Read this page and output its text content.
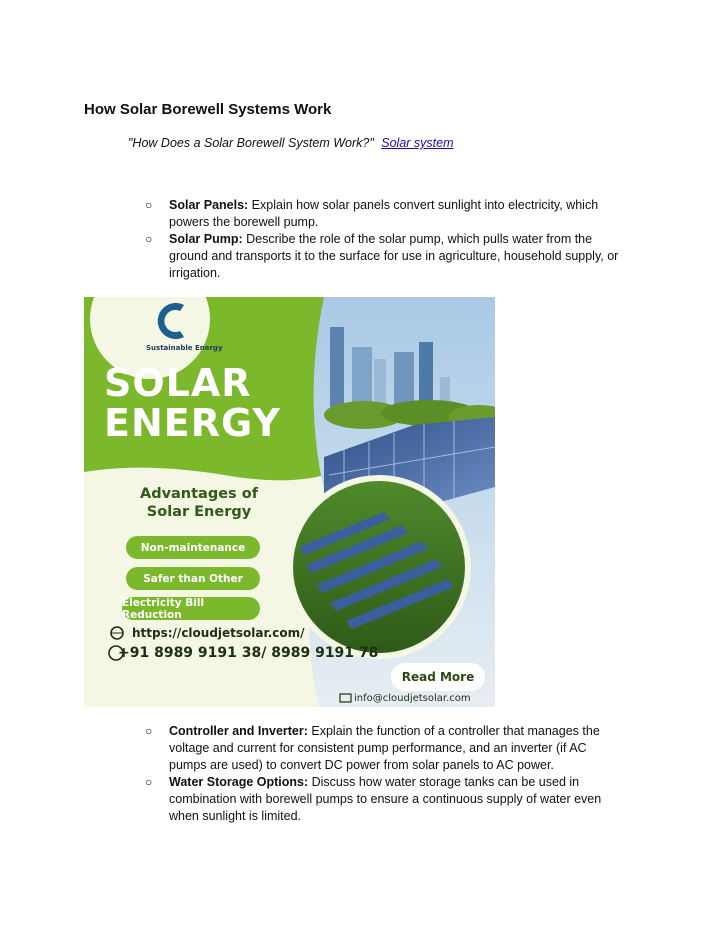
How Solar Borewell Systems Work
"How Does a Solar Borewell System Work?" Solar system
○ Solar Panels: Explain how solar panels convert sunlight into electricity, which powers the borewell pump.
○ Solar Pump: Describe the role of the solar pump, which pulls water from the ground and transports it to the surface for use in agriculture, household supply, or irrigation.
Sustainable Energy
SOLAR
ENERGY
Advantages of Solar Energy
Non-maintenance
Safer than Other
Electricity Bill Reduction
https://cloudjetsolar.com/
+91 8989 9191 38/ 8989 9191 78
Read More
info@cloudjetsolar.com
○ Controller and Inverter: Explain the function of a controller that manages the voltage and current for consistent pump performance, and an inverter (if AC pumps are used) to convert DC power from solar panels to AC power.
○ Water Storage Options: Discuss how water storage tanks can be used in combination with borewell pumps to ensure a continuous supply of water even when sunlight is limited.
